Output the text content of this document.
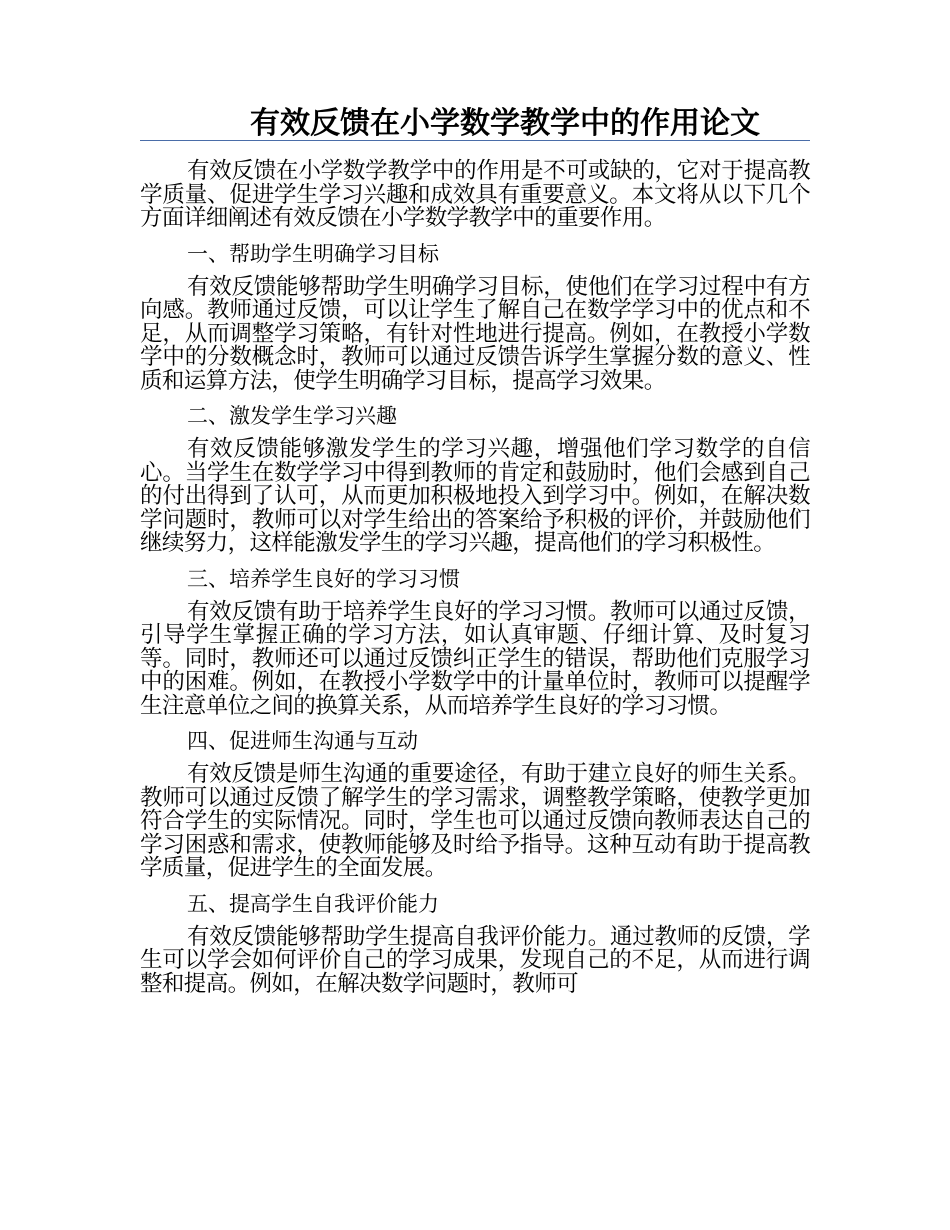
有效反馈在小学数学教学中的作用论文

有效反馈在小学数学教学中的作用是不可或缺的，它对于提高教学质量、促进学生学习兴趣和成效具有重要意义。本文将从以下几个方面详细阐述有效反馈在小学数学教学中的重要作用。

一、帮助学生明确学习目标

有效反馈能够帮助学生明确学习目标，使他们在学习过程中有方向感。教师通过反馈，可以让学生了解自己在数学学习中的优点和不足，从而调整学习策略，有针对性地进行提高。例如，在教授小学数学中的分数概念时，教师可以通过反馈告诉学生掌握分数的意义、性质和运算方法，使学生明确学习目标，提高学习效果。

二、激发学生学习兴趣

有效反馈能够激发学生的学习兴趣，增强他们学习数学的自信心。当学生在数学学习中得到教师的肯定和鼓励时，他们会感到自己的付出得到了认可，从而更加积极地投入到学习中。例如，在解决数学问题时，教师可以对学生给出的答案给予积极的评价，并鼓励他们继续努力，这样能激发学生的学习兴趣，提高他们的学习积极性。

三、培养学生良好的学习习惯

有效反馈有助于培养学生良好的学习习惯。教师可以通过反馈，引导学生掌握正确的学习方法，如认真审题、仔细计算、及时复习等。同时，教师还可以通过反馈纠正学生的错误，帮助他们克服学习中的困难。例如，在教授小学数学中的计量单位时，教师可以提醒学生注意单位之间的换算关系，从而培养学生良好的学习习惯。

四、促进师生沟通与互动

有效反馈是师生沟通的重要途径，有助于建立良好的师生关系。教师可以通过反馈了解学生的学习需求，调整教学策略，使教学更加符合学生的实际情况。同时，学生也可以通过反馈向教师表达自己的学习困惑和需求，使教师能够及时给予指导。这种互动有助于提高教学质量，促进学生的全面发展。

五、提高学生自我评价能力

有效反馈能够帮助学生提高自我评价能力。通过教师的反馈，学生可以学会如何评价自己的学习成果，发现自己的不足，从而进行调整和提高。例如，在解决数学问题时，教师可
